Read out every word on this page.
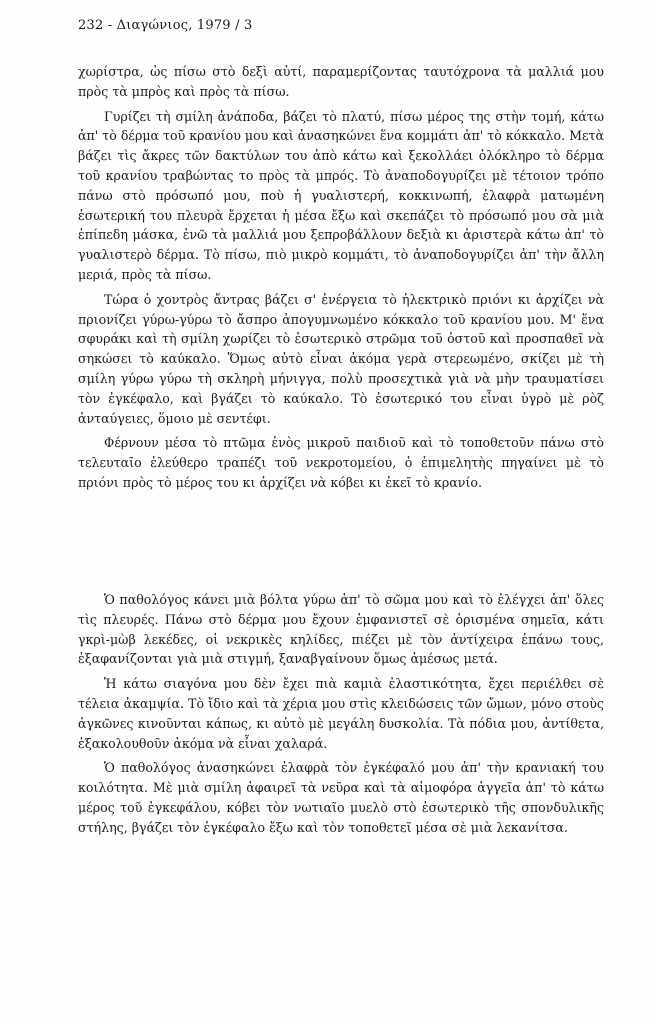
232 - Διαγώνιος, 1979 / 3

χωρίστρα, ὡς πίσω στὸ δεξὶ αὐτί, παραμερίζοντας ταυτόχρονα τὰ μαλλιά μου πρὸς τὰ μπρὸς καὶ πρὸς τὰ πίσω.

Γυρίζει τὴ σμίλη ἀνάποδα, βάζει τὸ πλατύ, πίσω μέρος της στὴν τομή, κάτω ἀπ' τὸ δέρμα τοῦ κρανίου μου καὶ ἀνασηκώνει ἕνα κομμάτι ἀπ' τὸ κόκκαλο. Μετὰ βάζει τὶς ἄκρες τῶν δακτύλων του ἀπὸ κάτω καὶ ξεκολλάει ὁλόκληρο τὸ δέρμα τοῦ κρανίου τραβώντας το πρὸς τὰ μπρός. Τὸ ἀναποδογυρίζει μὲ τέτοιον τρόπο πάνω στὸ πρόσωπό μου, ποὺ ἡ γυαλιστερή, κοκκινωπή, ἐλαφρὰ ματωμένη ἐσωτερική του πλευρὰ ἔρχεται ἡ μέσα ἔξω καὶ σκεπάζει τὸ πρόσωπό μου σὰ μιὰ ἐπίπεδη μάσκα, ἐνῶ τὰ μαλλιά μου ξεπροβάλλουν δεξιὰ κι ἀριστερὰ κάτω ἀπ' τὸ γυαλιστερὸ δέρμα. Τὸ πίσω, πιὸ μικρὸ κομμάτι, τὸ ἀναποδογυρίζει ἀπ' τὴν ἄλλη μεριά, πρὸς τὰ πίσω.

Τώρα ὁ χοντρὸς ἄντρας βάζει σ' ἐνέργεια τὸ ἠλεκτρικὸ πριόνι κι ἀρχίζει νὰ πριονίζει γύρω-γύρω τὸ ἄσπρο ἀπογυμνωμένο κόκκαλο τοῦ κρανίου μου. Μ' ἕνα σφυράκι καὶ τὴ σμίλη χωρίζει τὸ ἐσωτερικὸ στρῶμα τοῦ ὀστοῦ καὶ προσπαθεῖ νὰ σηκώσει τὸ καύκαλο. Ὅμως αὐτὸ εἶναι ἀκόμα γερὰ στερεωμένο, σκίζει μὲ τὴ σμίλη γύρω γύρω τὴ σκληρὴ μήνιγγα, πολὺ προσεχτικὰ γιὰ νὰ μὴν τραυματίσει τὸν ἐγκέφαλο, καὶ βγάζει τὸ καύκαλο. Τὸ ἐσωτερικό του εἶναι ὑγρὸ μὲ ρὸζ ἀνταύγειες, ὅμοιο μὲ σεντέφι.

Φέρνουν μέσα τὸ πτῶμα ἑνὸς μικροῦ παιδιοῦ καὶ τὸ τοποθετοῦν πάνω στὸ τελευταῖο ἐλεύθερο τραπέζι τοῦ νεκροτομείου, ὁ ἐπιμελητὴς πηγαίνει μὲ τὸ πριόνι πρὸς τὸ μέρος του κι ἀρχίζει νὰ κόβει κι ἐκεῖ τὸ κρανίο.

Ὁ παθολόγος κάνει μιὰ βόλτα γύρω ἀπ' τὸ σῶμα μου καὶ τὸ ἐλέγχει ἀπ' ὅλες τὶς πλευρές. Πάνω στὸ δέρμα μου ἔχουν ἐμφανιστεῖ σὲ ὁρισμένα σημεῖα, κάτι γκρὶ-μὼβ λεκέδες, οἱ νεκρικὲς κηλίδες, πιέζει μὲ τὸν ἀντίχειρα ἐπάνω τους, ἐξαφανίζονται γιὰ μιὰ στιγμή, ξαναβγαίνουν ὅμως ἀμέσως μετά.

Ἡ κάτω σιαγόνα μου δὲν ἔχει πιὰ καμιὰ ἐλαστικότητα, ἔχει περιέλθει σὲ τέλεια ἀκαμψία. Τὸ ἴδιο καὶ τὰ χέρια μου στὶς κλειδώσεις τῶν ὤμων, μόνο στοὺς ἀγκῶνες κινοῦνται κάπως, κι αὐτὸ μὲ μεγάλη δυσκολία. Τὰ πόδια μου, ἀντίθετα, ἐξακολουθοῦν ἀκόμα νὰ εἶναι χαλαρά.

Ὁ παθολόγος ἀνασηκώνει ἐλαφρὰ τὸν ἐγκέφαλό μου ἀπ' τὴν κρανιακή του κοιλότητα. Μὲ μιὰ σμίλη ἀφαιρεῖ τὰ νεῦρα καὶ τὰ αἱμοφόρα ἀγγεῖα ἀπ' τὸ κάτω μέρος τοῦ ἐγκεφάλου, κόβει τὸν νωτιαῖο μυελὸ στὸ ἐσωτερικὸ τῆς σπονδυλικῆς στήλης, βγάζει τὸν ἐγκέφαλο ἔξω καὶ τὸν τοποθετεῖ μέσα σὲ μιὰ λεκανίτσα.
